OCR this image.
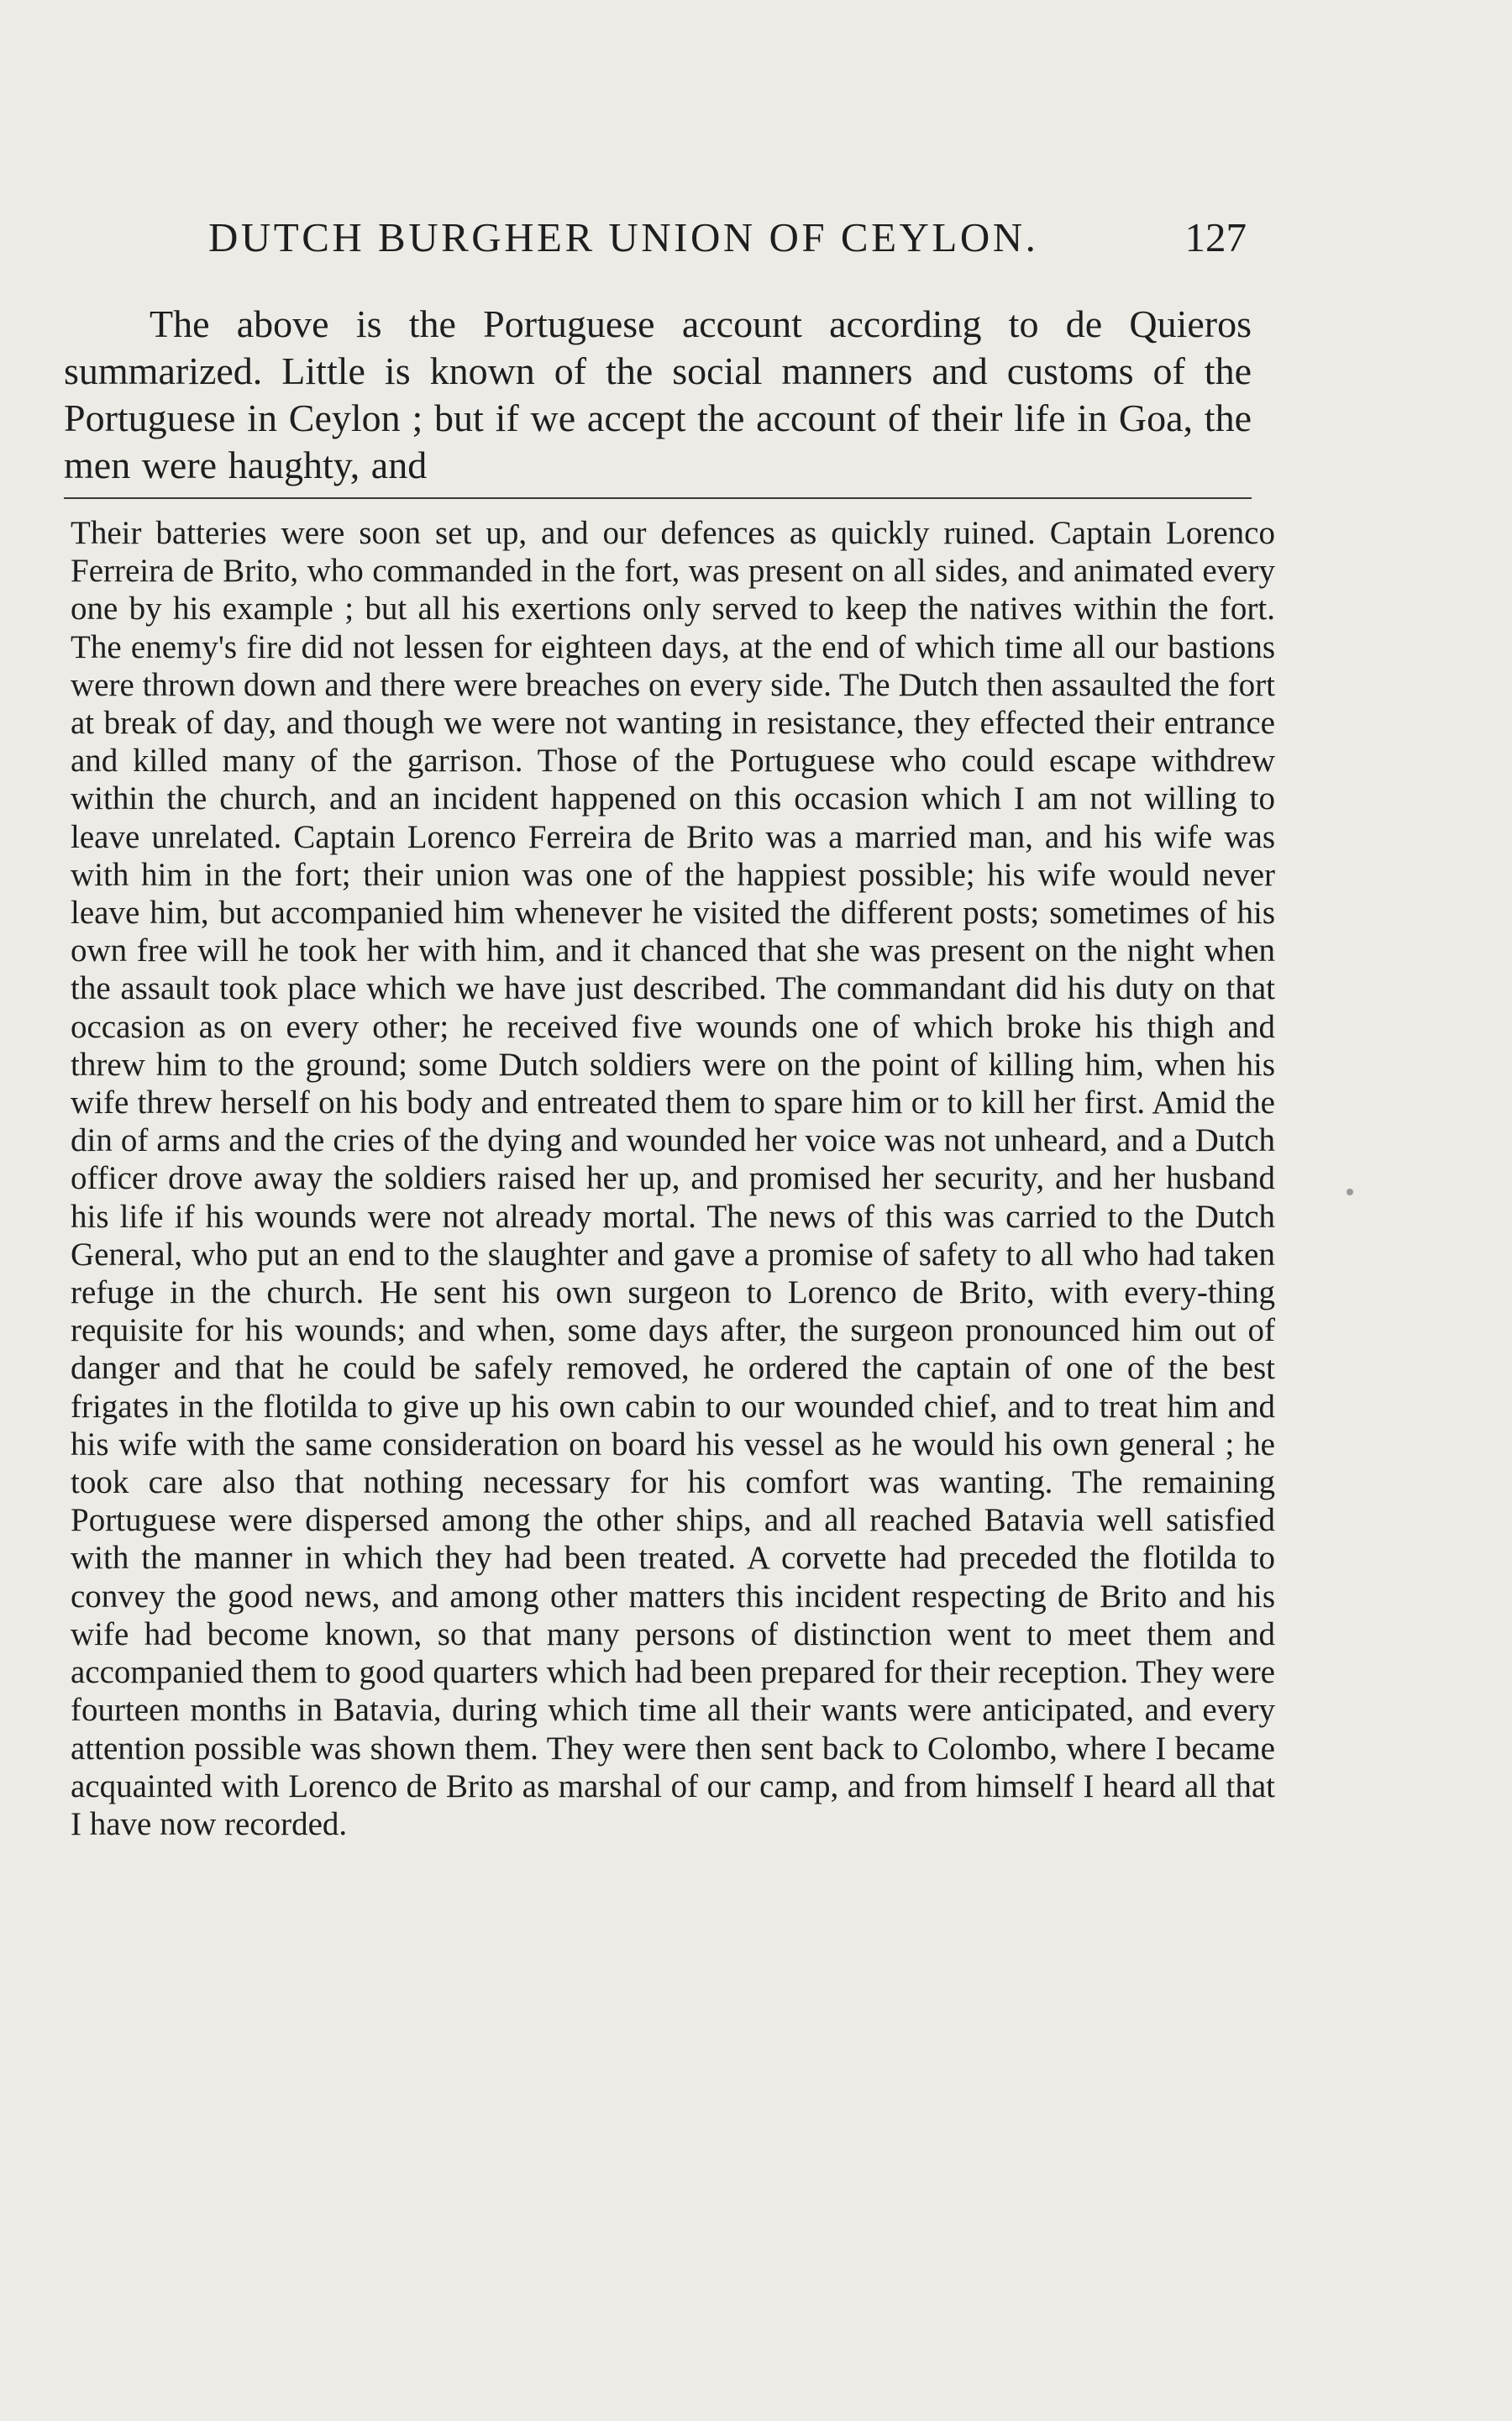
DUTCH BURGHER UNION OF CEYLON.	127

The above is the Portuguese account according to de Quieros summarized. Little is known of the social manners and customs of the Portuguese in Ceylon ; but if we accept the account of their life in Goa, the men were haughty, and

Their batteries were soon set up, and our defences as quickly ruined. Captain Lorenco Ferreira de Brito, who commanded in the fort, was present on all sides, and animated every one by his example ; but all his exertions only served to keep the natives within the fort. The enemy's fire did not lessen for eighteen days, at the end of which time all our bastions were thrown down and there were breaches on every side. The Dutch then assaulted the fort at break of day, and though we were not wanting in resistance, they effected their entrance and killed many of the garrison. Those of the Portuguese who could escape withdrew within the church, and an incident happened on this occasion which I am not willing to leave unrelated. Captain Lorenco Ferreira de Brito was a married man, and his wife was with him in the fort; their union was one of the happiest possible; his wife would never leave him, but accompanied him whenever he visited the different posts; sometimes of his own free will he took her with him, and it chanced that she was present on the night when the assault took place which we have just described. The commandant did his duty on that occasion as on every other; he received five wounds one of which broke his thigh and threw him to the ground; some Dutch soldiers were on the point of killing him, when his wife threw herself on his body and entreated them to spare him or to kill her first. Amid the din of arms and the cries of the dying and wounded her voice was not unheard, and a Dutch officer drove away the soldiers raised her up, and promised her security, and her husband his life if his wounds were not already mortal. The news of this was carried to the Dutch General, who put an end to the slaughter and gave a promise of safety to all who had taken refuge in the church. He sent his own surgeon to Lorenco de Brito, with every-thing requisite for his wounds; and when, some days after, the surgeon pronounced him out of danger and that he could be safely removed, he ordered the captain of one of the best frigates in the flotilda to give up his own cabin to our wounded chief, and to treat him and his wife with the same consideration on board his vessel as he would his own general ; he took care also that nothing necessary for his comfort was wanting. The remaining Portuguese were dispersed among the other ships, and all reached Batavia well satisfied with the manner in which they had been treated. A corvette had preceded the flotilda to convey the good news, and among other matters this incident respecting de Brito and his wife had become known, so that many persons of distinction went to meet them and accompanied them to good quarters which had been prepared for their reception. They were fourteen months in Batavia, during which time all their wants were anticipated, and every attention possible was shown them. They were then sent back to Colombo, where I became acquainted with Lorenco de Brito as marshal of our camp, and from himself I heard all that I have now recorded.
